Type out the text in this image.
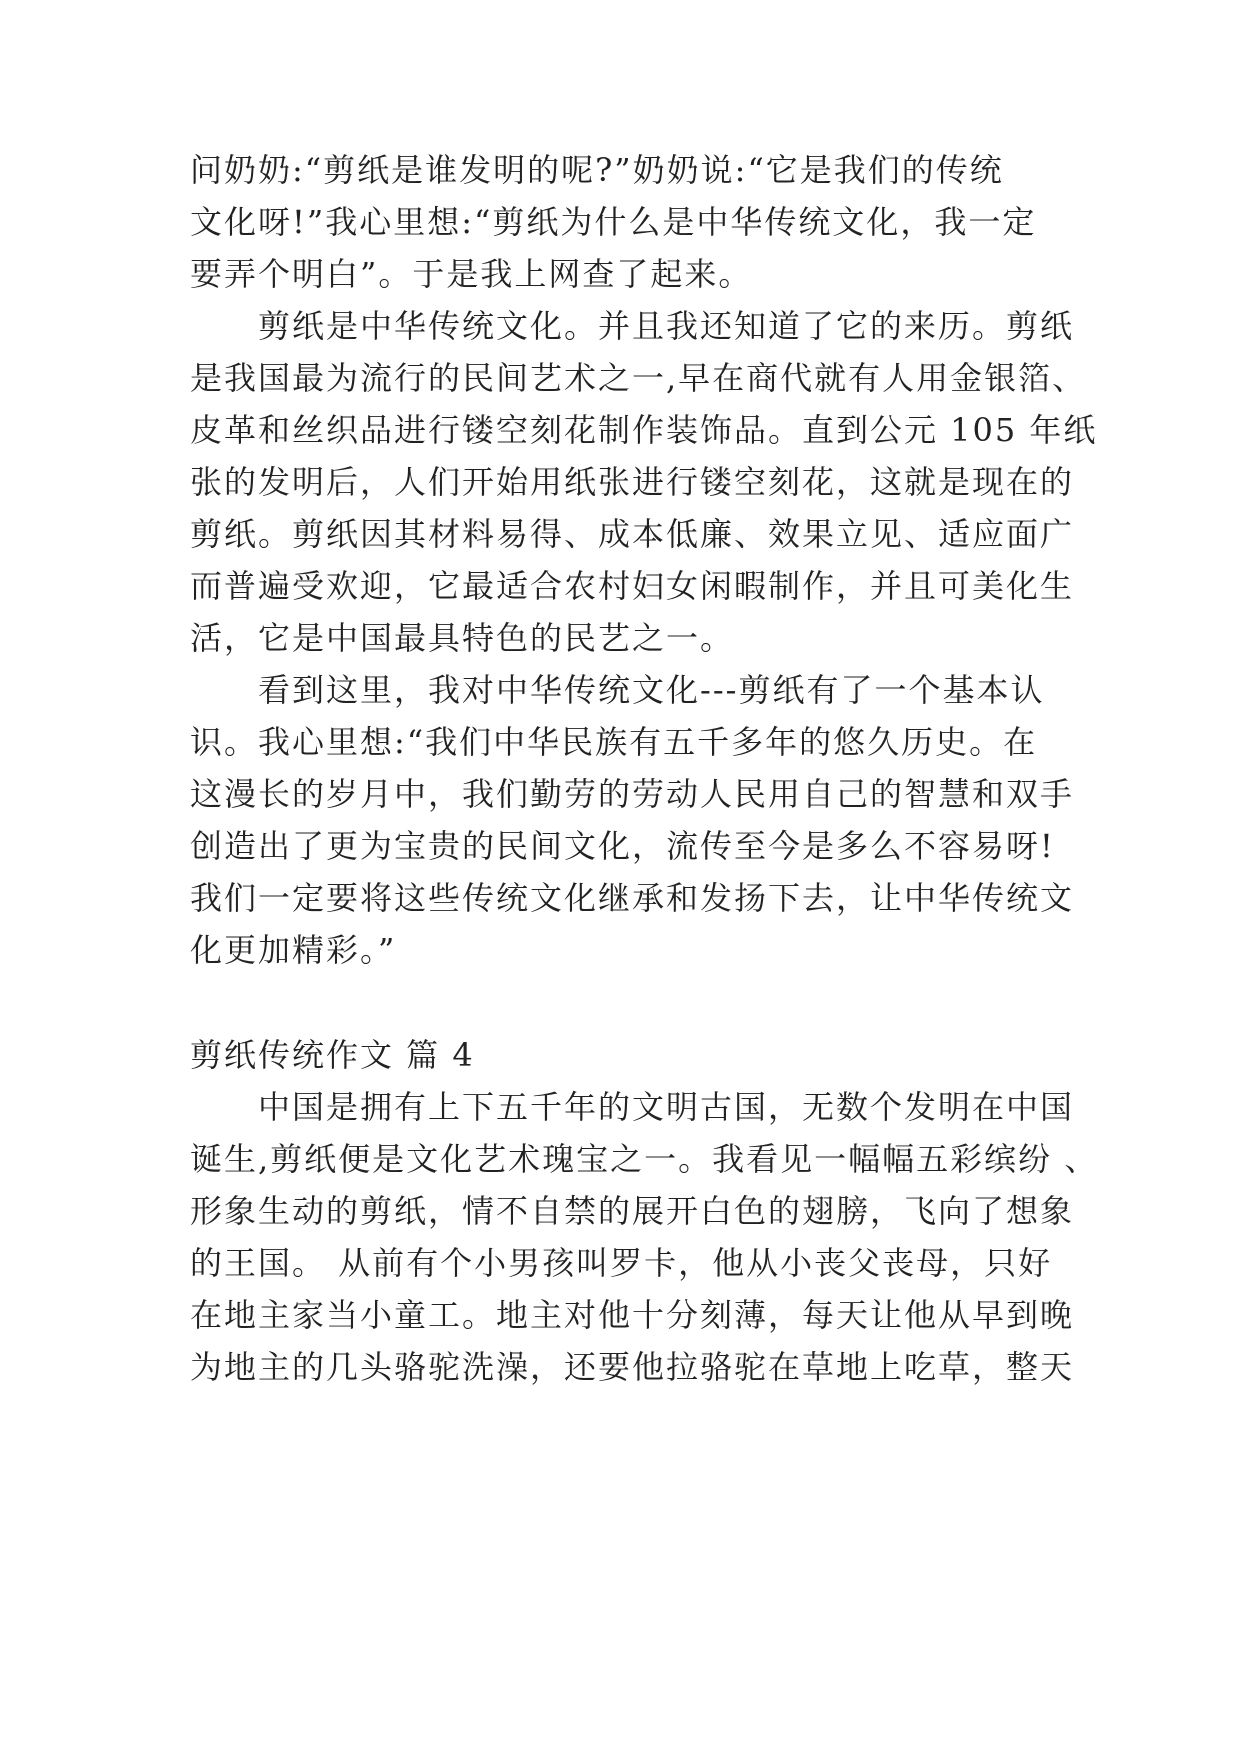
问奶奶:“剪纸是谁发明的呢?”奶奶说:“它是我们的传统
文化呀!”我心里想:“剪纸为什么是中华传统文化，我一定
要弄个明白”。于是我上网查了起来。
剪纸是中华传统文化。并且我还知道了它的来历。剪纸
是我国最为流行的民间艺术之一,早在商代就有人用金银箔、
皮革和丝织品进行镂空刻花制作装饰品。直到公元 105 年纸
张的发明后，人们开始用纸张进行镂空刻花，这就是现在的
剪纸。剪纸因其材料易得、成本低廉、效果立见、适应面广
而普遍受欢迎，它最适合农村妇女闲暇制作，并且可美化生
活，它是中国最具特色的民艺之一。
看到这里，我对中华传统文化---剪纸有了一个基本认
识。我心里想:“我们中华民族有五千多年的悠久历史。在
这漫长的岁月中，我们勤劳的劳动人民用自己的智慧和双手
创造出了更为宝贵的民间文化，流传至今是多么不容易呀!
我们一定要将这些传统文化继承和发扬下去，让中华传统文
化更加精彩。”
剪纸传统作文 篇 4
中国是拥有上下五千年的文明古国，无数个发明在中国
诞生,剪纸便是文化艺术瑰宝之一。我看见一幅幅五彩缤纷 、
形象生动的剪纸，情不自禁的展开白色的翅膀，飞向了想象
的王国。 从前有个小男孩叫罗卡，他从小丧父丧母，只好
在地主家当小童工。地主对他十分刻薄，每天让他从早到晚
为地主的几头骆驼洗澡，还要他拉骆驼在草地上吃草，整天
